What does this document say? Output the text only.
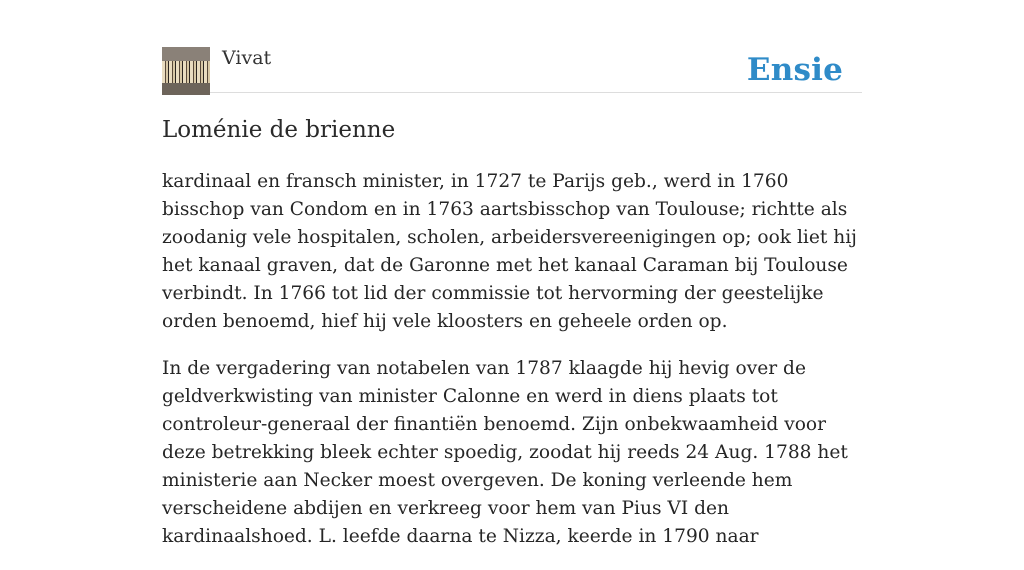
Vivat	Ensie
Loménie de brienne

kardinaal en fransch minister, in 1727 te Parijs geb., werd in 1760 bisschop van Condom en in 1763 aartsbisschop van Toulouse; richtte als zoodanig vele hospitalen, scholen, arbeidersvereenigingen op; ook liet hij het kanaal graven, dat de Garonne met het kanaal Caraman bij Toulouse verbindt. In 1766 tot lid der commissie tot hervorming der geestelijke orden benoemd, hief hij vele kloosters en geheele orden op.

In de vergadering van notabelen van 1787 klaagde hij hevig over de geldverkwisting van minister Calonne en werd in diens plaats tot controleur-generaal der finantiën benoemd. Zijn onbekwaamheid voor deze betrekking bleek echter spoedig, zoodat hij reeds 24 Aug. 1788 het ministerie aan Necker moest overgeven. De koning verleende hem verscheidene abdijen en verkreeg voor hem van Pius VI den kardinaalshoed. L. leefde daarna te Nizza, keerde in 1790 naar
